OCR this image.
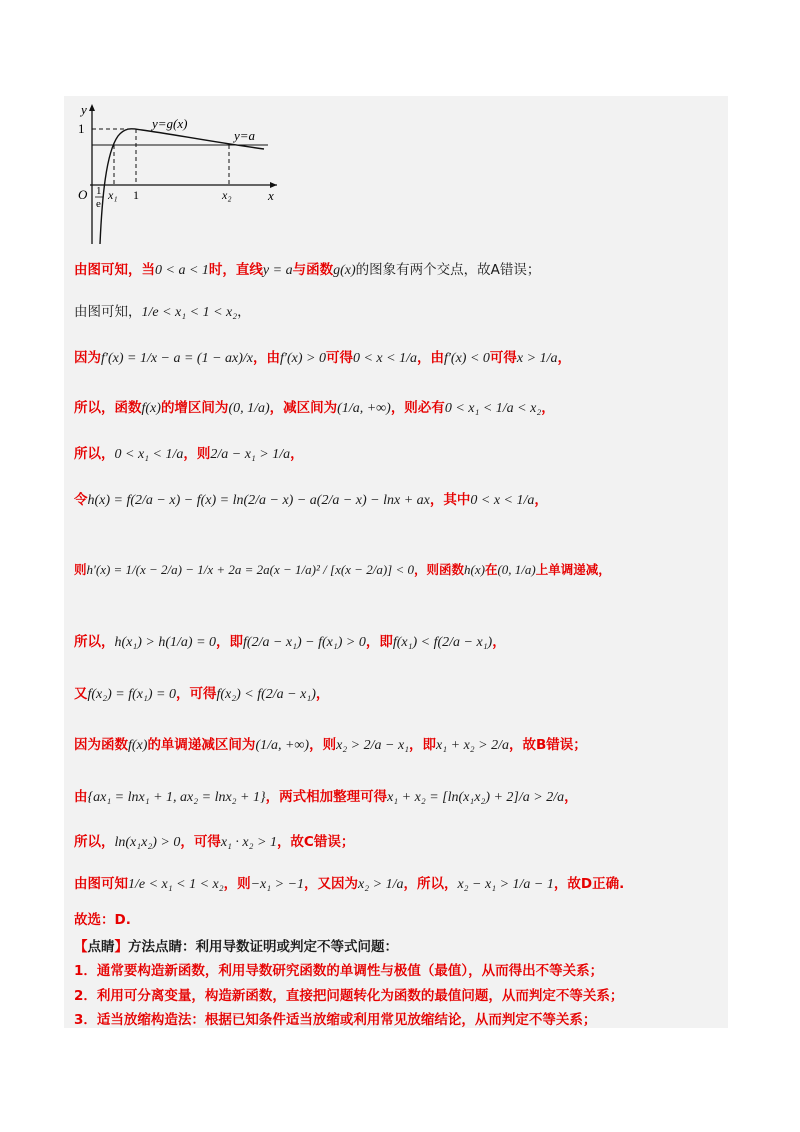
y
x
O
1
1
1
e
x₁	x₂
y=g(x)
y=a
由图可知，当0 < a < 1时，直线y = a与函数g(x)的图象有两个交点，故A错误；
由图可知，1/e < x₁ < 1 < x₂，
因为f′(x) = 1/x − a = (1 − ax)/x，由f′(x) > 0可得0 < x < 1/a，由f′(x) < 0可得x > 1/a，
所以，函数f(x)的增区间为(0, 1/a)，减区间为(1/a, +∞)，则必有0 < x₁ < 1/a < x₂，
所以，0 < x₁ < 1/a，则2/a − x₁ > 1/a，
令h(x) = f(2/a − x) − f(x) = ln(2/a − x) − a(2/a − x) − lnx + ax，其中0 < x < 1/a，
则h′(x) = 1/(x − 2/a) − 1/x + 2a = 2a(x − 1/a)² / [x(x − 2/a)] < 0，则函数h(x)在(0, 1/a)上单调递减，
所以，h(x₁) > h(1/a) = 0，即f(2/a − x₁) − f(x₁) > 0，即f(x₁) < f(2/a − x₁)，
又f(x₂) = f(x₁) = 0，可得f(x₂) < f(2/a − x₁)，
因为函数f(x)的单调递减区间为(1/a, +∞)，则x₂ > 2/a − x₁，即x₁ + x₂ > 2/a，故B错误；
由{ax₁ = lnx₁ + 1, ax₂ = lnx₂ + 1}，两式相加整理可得x₁ + x₂ = [ln(x₁x₂) + 2]/a > 2/a，
所以，ln(x₁x₂) > 0，可得x₁ · x₂ > 1，故C错误；
由图可知1/e < x₁ < 1 < x₂，则−x₁ > −1，又因为x₂ > 1/a，所以，x₂ − x₁ > 1/a − 1，故D正确.
故选：D.
【点睛】方法点睛：利用导数证明或判定不等式问题：
1．通常要构造新函数，利用导数研究函数的单调性与极值（最值），从而得出不等关系；
2．利用可分离变量，构造新函数，直接把问题转化为函数的最值问题，从而判定不等关系；
3．适当放缩构造法：根据已知条件适当放缩或利用常见放缩结论，从而判定不等关系；
